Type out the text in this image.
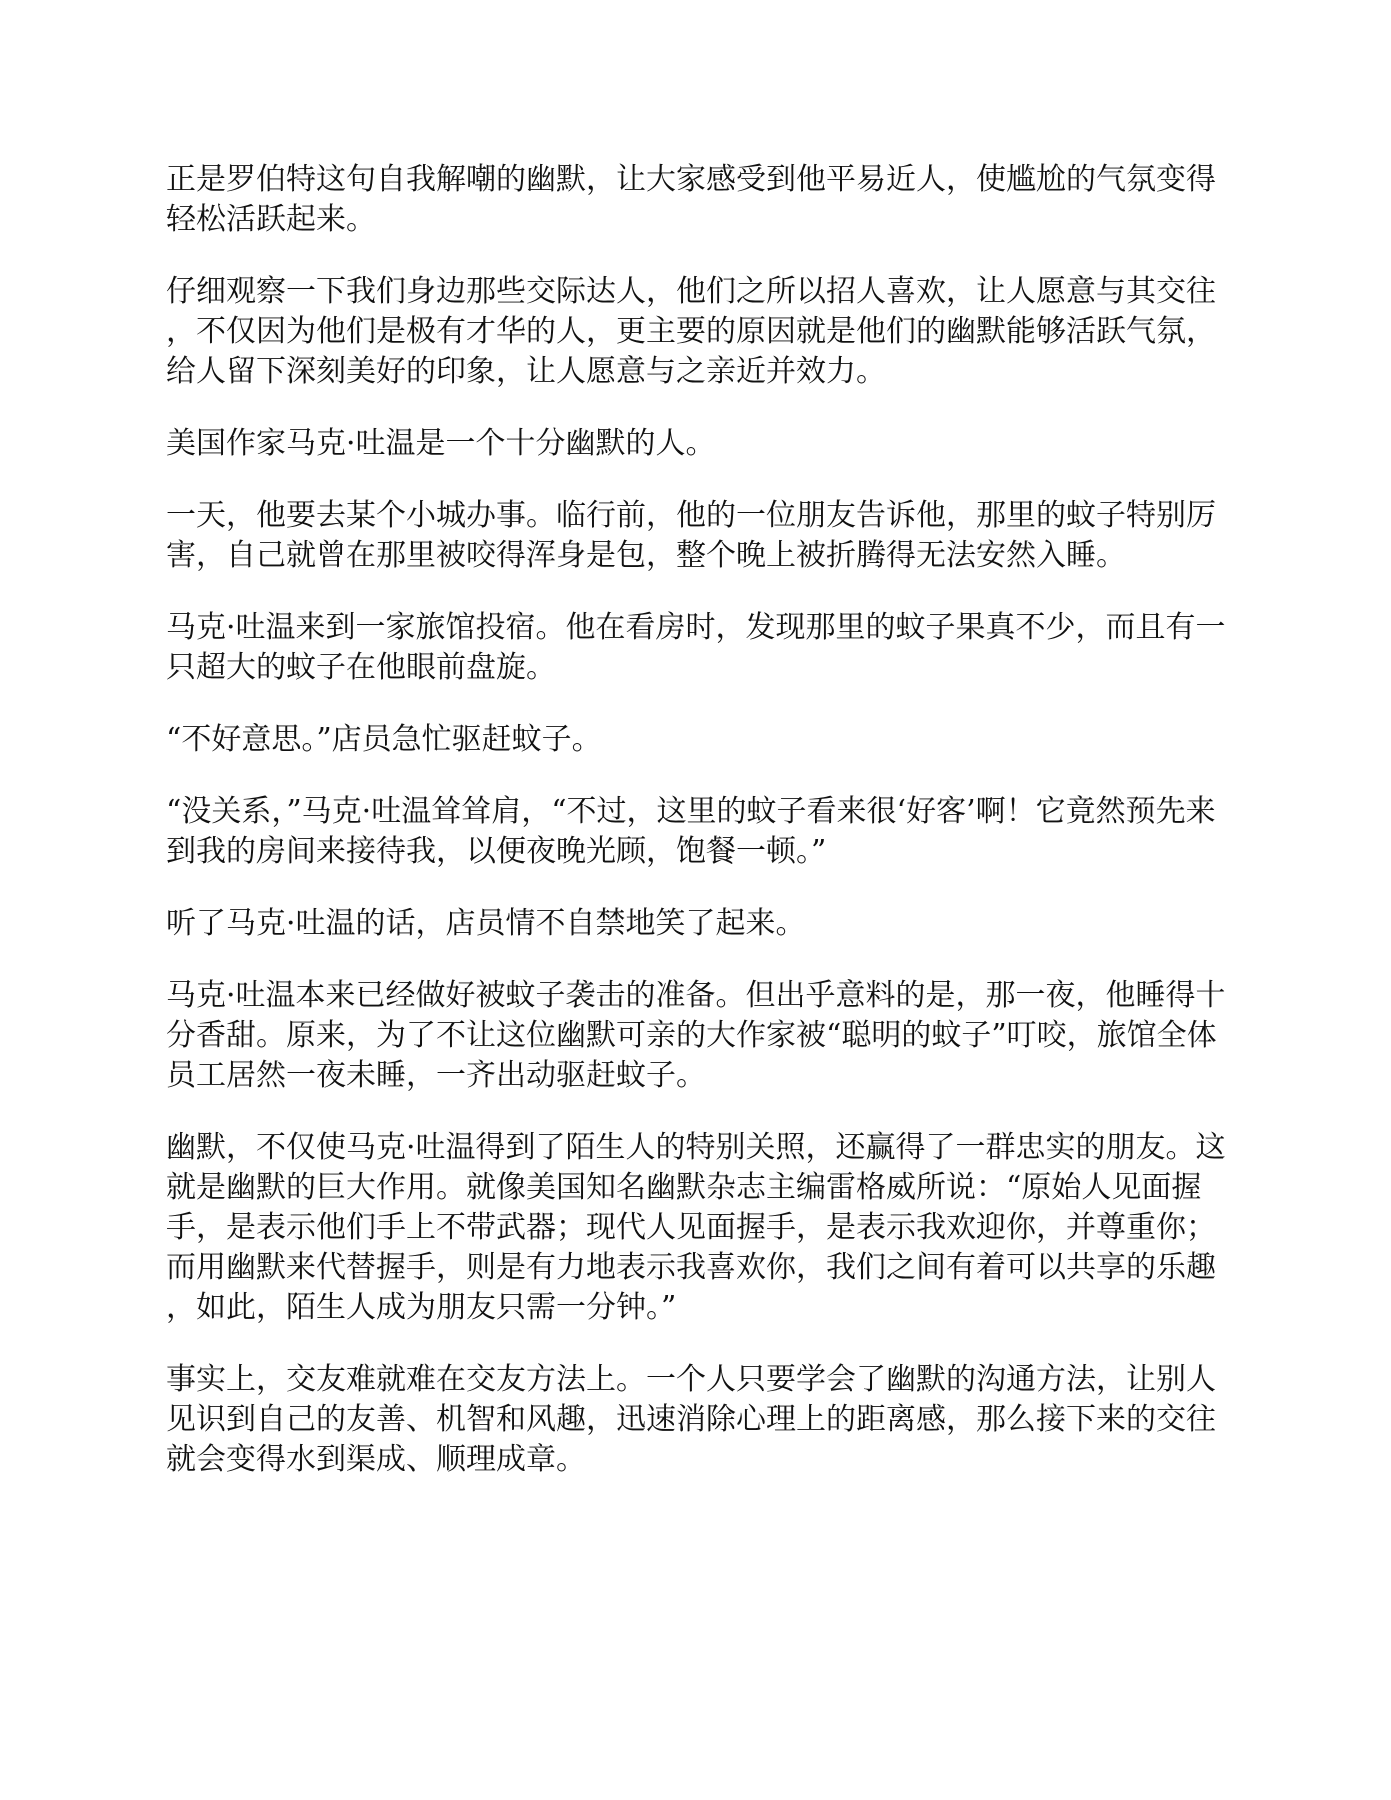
正是罗伯特这句自我解嘲的幽默，让大家感受到他平易近人，使尴尬的气氛变得轻松活跃起来。

仔细观察一下我们身边那些交际达人，他们之所以招人喜欢，让人愿意与其交往，不仅因为他们是极有才华的人，更主要的原因就是他们的幽默能够活跃气氛，给人留下深刻美好的印象，让人愿意与之亲近并效力。

美国作家马克·吐温是一个十分幽默的人。

一天，他要去某个小城办事。临行前，他的一位朋友告诉他，那里的蚊子特别厉害，自己就曾在那里被咬得浑身是包，整个晚上被折腾得无法安然入睡。

马克·吐温来到一家旅馆投宿。他在看房时，发现那里的蚊子果真不少，而且有一只超大的蚊子在他眼前盘旋。

“不好意思。”店员急忙驱赶蚊子。

“没关系，”马克·吐温耸耸肩，“不过，这里的蚊子看来很‘好客’啊！它竟然预先来到我的房间来接待我，以便夜晚光顾，饱餐一顿。”

听了马克·吐温的话，店员情不自禁地笑了起来。

马克·吐温本来已经做好被蚊子袭击的准备。但出乎意料的是，那一夜，他睡得十分香甜。原来，为了不让这位幽默可亲的大作家被“聪明的蚊子”叮咬，旅馆全体员工居然一夜未睡，一齐出动驱赶蚊子。

幽默，不仅使马克·吐温得到了陌生人的特别关照，还赢得了一群忠实的朋友。这就是幽默的巨大作用。就像美国知名幽默杂志主编雷格威所说：“原始人见面握手，是表示他们手上不带武器；现代人见面握手，是表示我欢迎你，并尊重你；而用幽默来代替握手，则是有力地表示我喜欢你，我们之间有着可以共享的乐趣，如此，陌生人成为朋友只需一分钟。”

事实上，交友难就难在交友方法上。一个人只要学会了幽默的沟通方法，让别人见识到自己的友善、机智和风趣，迅速消除心理上的距离感，那么接下来的交往就会变得水到渠成、顺理成章。
